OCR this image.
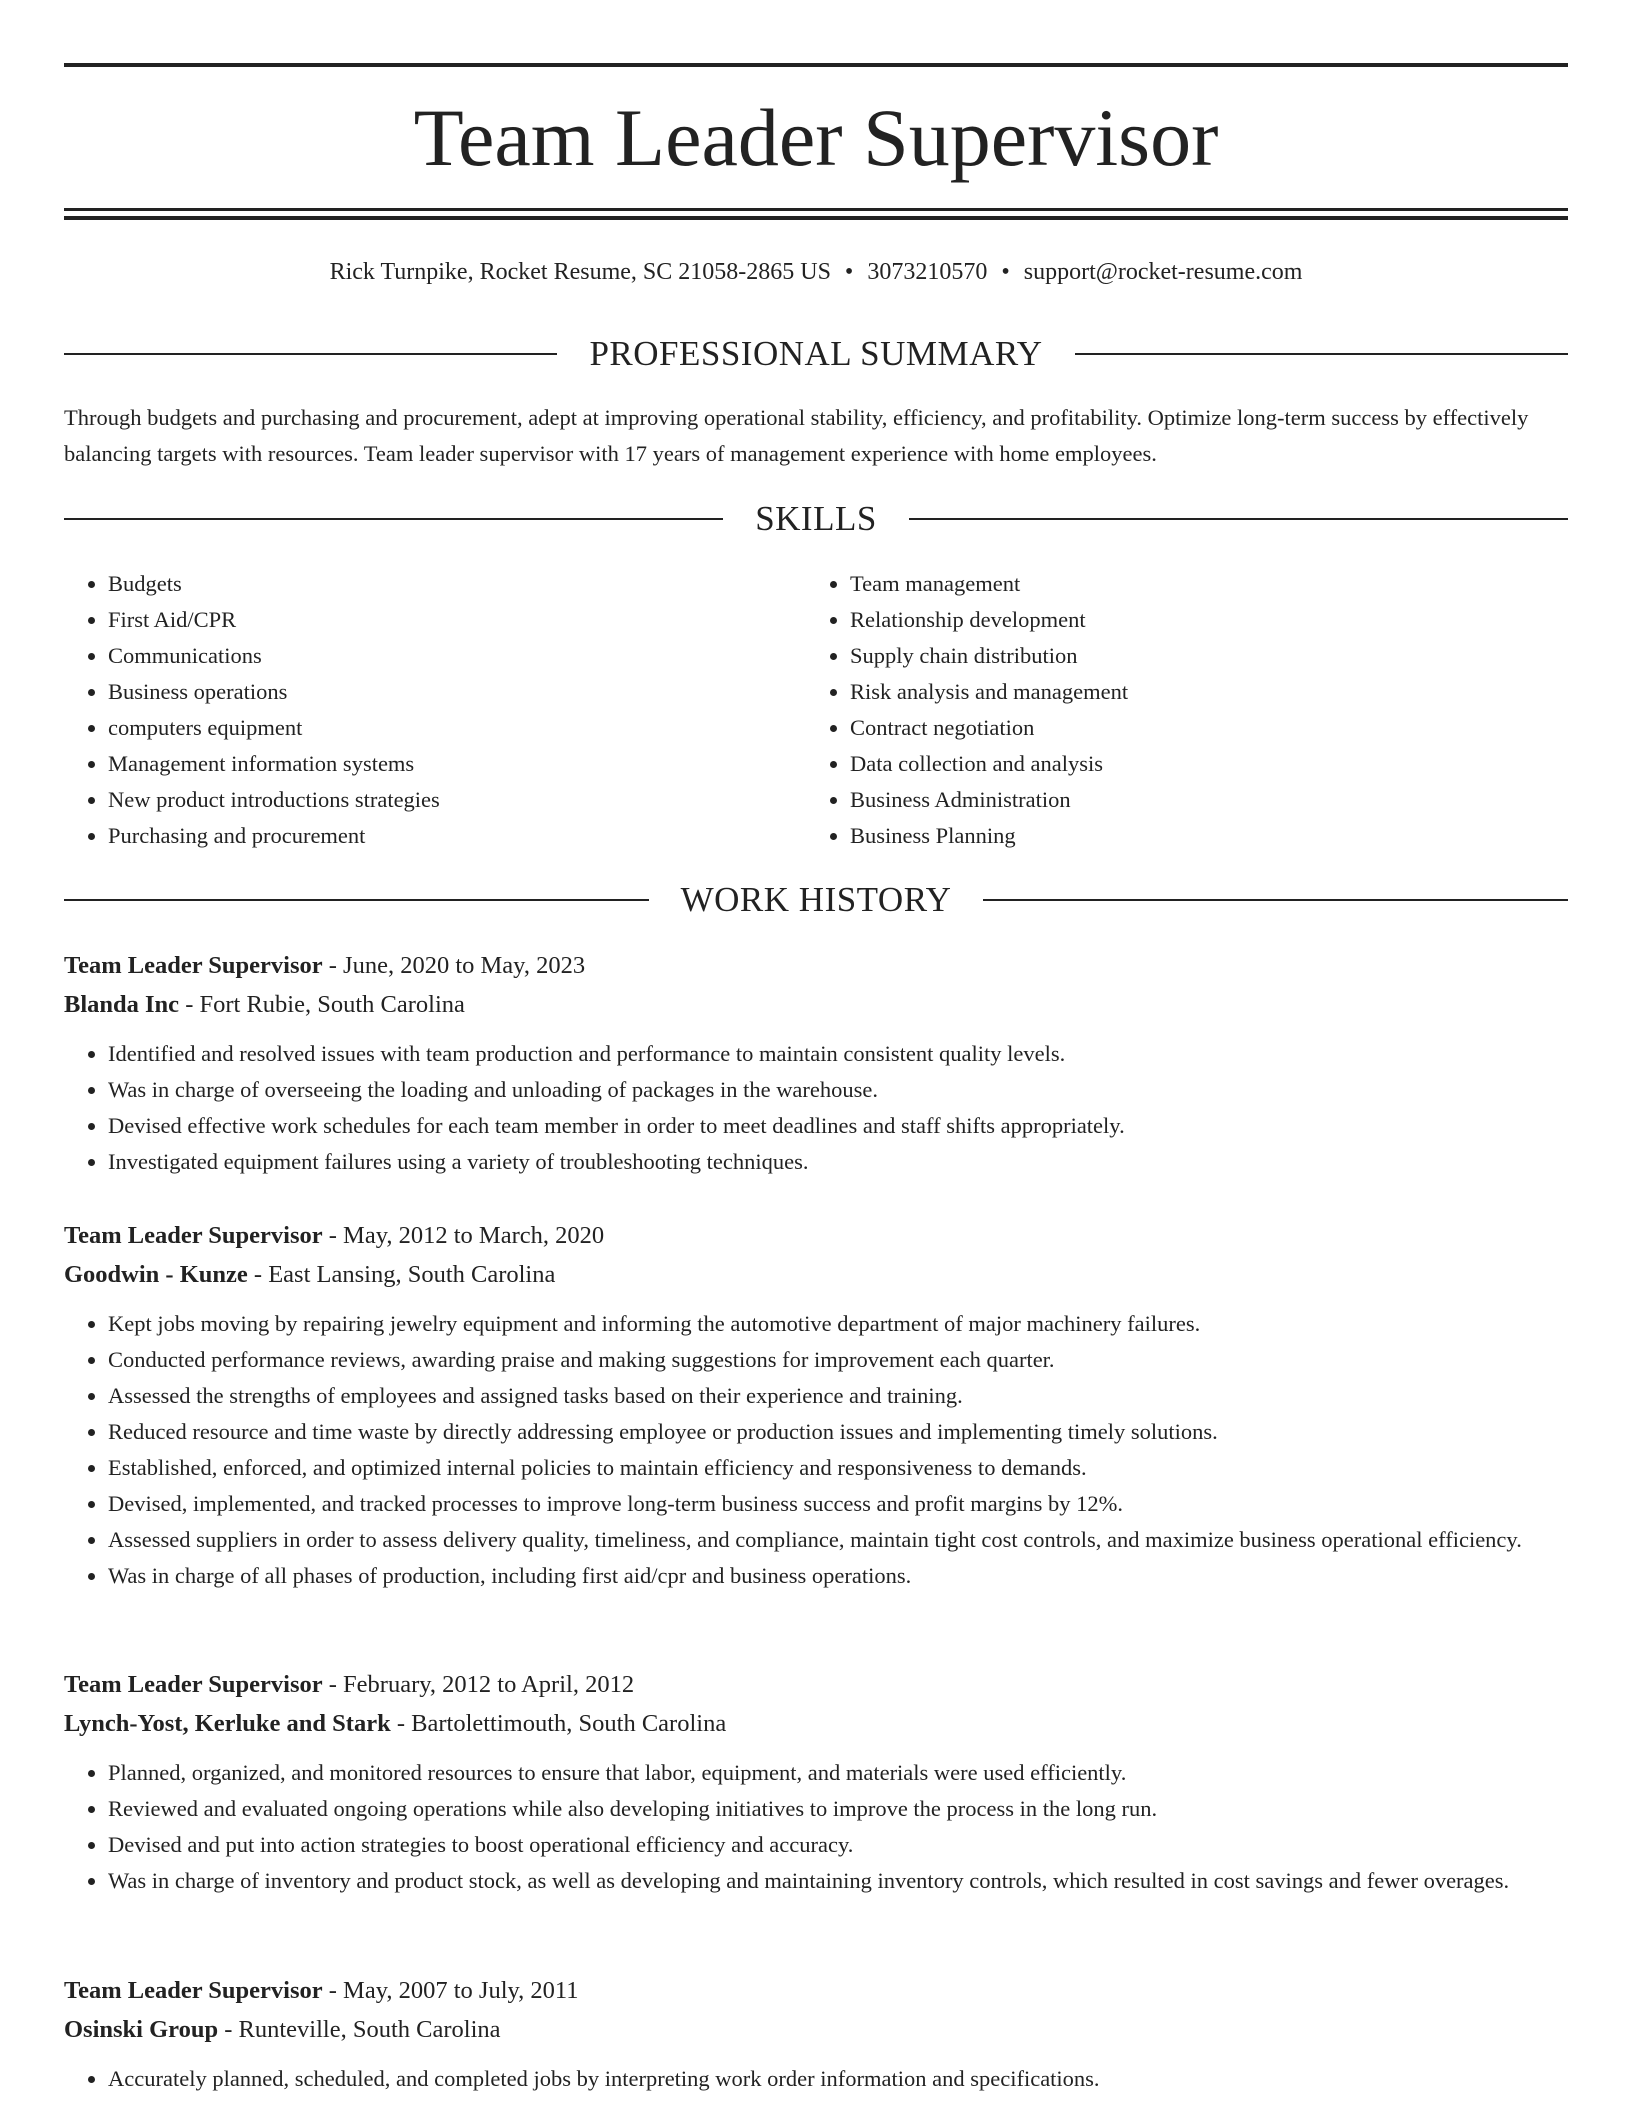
Team Leader Supervisor
Rick Turnpike, Rocket Resume, SC 21058-2865 US • 3073210570 • support@rocket-resume.com
PROFESSIONAL SUMMARY
Through budgets and purchasing and procurement, adept at improving operational stability, efficiency, and profitability. Optimize long-term success by effectively balancing targets with resources. Team leader supervisor with 17 years of management experience with home employees.
SKILLS
• Budgets
• First Aid/CPR
• Communications
• Business operations
• computers equipment
• Management information systems
• New product introductions strategies
• Purchasing and procurement
• Team management
• Relationship development
• Supply chain distribution
• Risk analysis and management
• Contract negotiation
• Data collection and analysis
• Business Administration
• Business Planning
WORK HISTORY
Team Leader Supervisor - June, 2020 to May, 2023
Blanda Inc - Fort Rubie, South Carolina
• Identified and resolved issues with team production and performance to maintain consistent quality levels.
• Was in charge of overseeing the loading and unloading of packages in the warehouse.
• Devised effective work schedules for each team member in order to meet deadlines and staff shifts appropriately.
• Investigated equipment failures using a variety of troubleshooting techniques.
Team Leader Supervisor - May, 2012 to March, 2020
Goodwin - Kunze - East Lansing, South Carolina
• Kept jobs moving by repairing jewelry equipment and informing the automotive department of major machinery failures.
• Conducted performance reviews, awarding praise and making suggestions for improvement each quarter.
• Assessed the strengths of employees and assigned tasks based on their experience and training.
• Reduced resource and time waste by directly addressing employee or production issues and implementing timely solutions.
• Established, enforced, and optimized internal policies to maintain efficiency and responsiveness to demands.
• Devised, implemented, and tracked processes to improve long-term business success and profit margins by 12%.
• Assessed suppliers in order to assess delivery quality, timeliness, and compliance, maintain tight cost controls, and maximize business operational efficiency.
• Was in charge of all phases of production, including first aid/cpr and business operations.
Team Leader Supervisor - February, 2012 to April, 2012
Lynch-Yost, Kerluke and Stark - Bartolettimouth, South Carolina
• Planned, organized, and monitored resources to ensure that labor, equipment, and materials were used efficiently.
• Reviewed and evaluated ongoing operations while also developing initiatives to improve the process in the long run.
• Devised and put into action strategies to boost operational efficiency and accuracy.
• Was in charge of inventory and product stock, as well as developing and maintaining inventory controls, which resulted in cost savings and fewer overages.
Team Leader Supervisor - May, 2007 to July, 2011
Osinski Group - Runteville, South Carolina
• Accurately planned, scheduled, and completed jobs by interpreting work order information and specifications.
